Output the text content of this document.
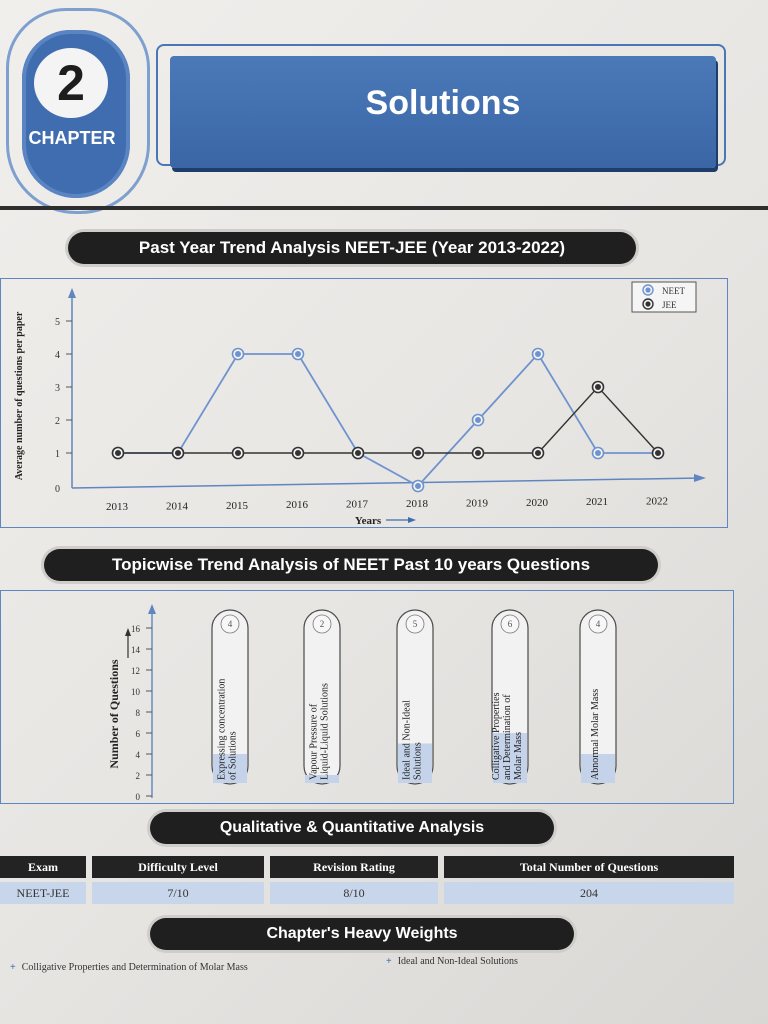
2
CHAPTER
Solutions
Past Year Trend Analysis NEET-JEE (Year 2013-2022)
0
1
2
3
4
5
2013	2014	2015	2016	2017	2018	2019	2020	2021	2022
Years
Average number of questions per paper
NEET
JEE
Topicwise Trend Analysis of NEET Past 10 years Questions
0
2
4
6
8
10
12
14
16
Number of Questions
4
Expressing concentrationof Solutions
2
Vapour Pressure ofLiquid-Liquid Solutions
5
Ideal and Non-IdealSolutions
6
Colligative Propertiesand Determination ofMolar Mass
4
Abnormal Molar Mass
Qualitative & Quantitative Analysis
Exam	Difficulty Level	Revision Rating	Total Number of Questions
NEET-JEE	7/10	8/10	204
Chapter's Heavy Weights
+ Colligative Properties and Determination of Molar Mass
+ Ideal and Non-Ideal Solutions
